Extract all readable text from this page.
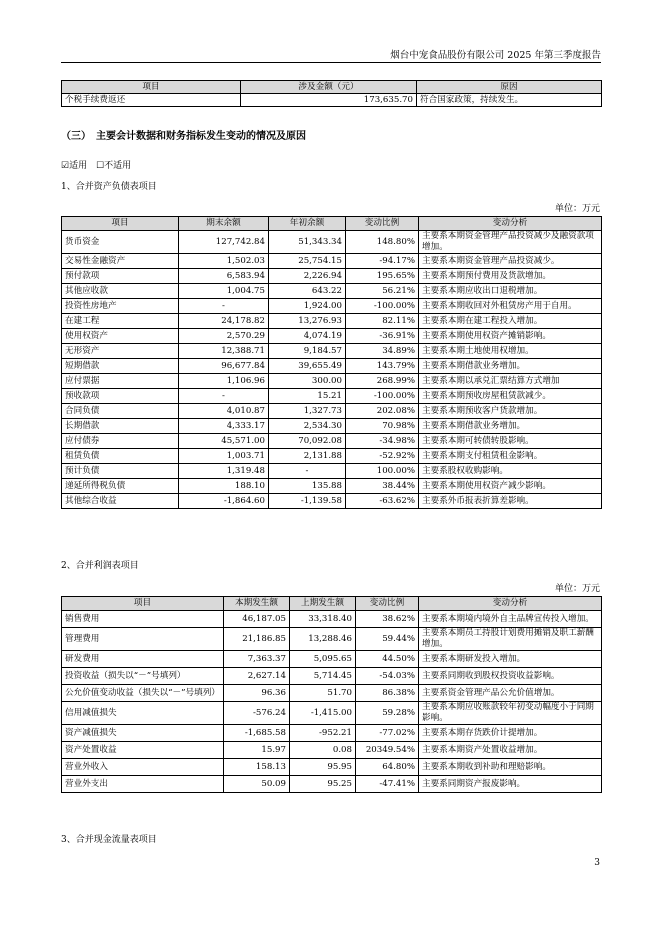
烟台中宠食品股份有限公司 2025 年第三季度报告
项目	涉及金额（元）	原因
个税手续费返还	173,635.70	符合国家政策，持续发生。
（三）　主要会计数据和财务指标发生变动的情况及原因
☑适用　☐不适用
1、合并资产负债表项目
单位：万元
项目	期末余额	年初余额	变动比例	变动分析
货币资金	127,742.84	51,343.34	148.80%	主要系本期资金管理产品投资减少及融资款项增加。
交易性金融资产	1,502.03	25,754.15	-94.17%	主要系本期资金管理产品投资减少。
预付款项	6,583.94	2,226.94	195.65%	主要系本期预付费用及货款增加。
其他应收款	1,004.75	643.22	56.21%	主要系本期应收出口退税增加。
投资性房地产	-	1,924.00	-100.00%	主要系本期收回对外租赁房产用于自用。
在建工程	24,178.82	13,276.93	82.11%	主要系本期在建工程投入增加。
使用权资产	2,570.29	4,074.19	-36.91%	主要系本期使用权资产摊销影响。
无形资产	12,388.71	9,184.57	34.89%	主要系本期土地使用权增加。
短期借款	96,677.84	39,655.49	143.79%	主要系本期借款业务增加。
应付票据	1,106.96	300.00	268.99%	主要系本期以承兑汇票结算方式增加
预收款项	-	15.21	-100.00%	主要系本期预收房屋租赁款减少。
合同负债	4,010.87	1,327.73	202.08%	主要系本期预收客户货款增加。
长期借款	4,333.17	2,534.30	70.98%	主要系本期借款业务增加。
应付债券	45,571.00	70,092.08	-34.98%	主要系本期可转债转股影响。
租赁负债	1,003.71	2,131.88	-52.92%	主要系本期支付租赁租金影响。
预计负债	1,319.48	-	100.00%	主要系股权收购影响。
递延所得税负债	188.10	135.88	38.44%	主要系本期使用权资产减少影响。
其他综合收益	-1,864.60	-1,139.58	-63.62%	主要系外币报表折算差影响。
2、合并利润表项目
单位：万元
项目	本期发生额	上期发生额	变动比例	变动分析
销售费用	46,187.05	33,318.40	38.62%	主要系本期境内境外自主品牌宣传投入增加。
管理费用	21,186.85	13,288.46	59.44%	主要系本期员工持股计划费用摊销及职工薪酬增加。
研发费用	7,363.37	5,095.65	44.50%	主要系本期研发投入增加。
投资收益（损失以“－”号填列）	2,627.14	5,714.45	-54.03%	主要系同期收到股权投资收益影响。
公允价值变动收益（损失以“－”号填列）	96.36	51.70	86.38%	主要系资金管理产品公允价值增加。
信用减值损失	-576.24	-1,415.00	59.28%	主要系本期应收账款较年初变动幅度小于同期影响。
资产减值损失	-1,685.58	-952.21	-77.02%	主要系本期存货跌价计提增加。
资产处置收益	15.97	0.08	20349.54%	主要系本期资产处置收益增加。
营业外收入	158.13	95.95	64.80%	主要系本期收到补助和理赔影响。
营业外支出	50.09	95.25	-47.41%	主要系同期资产报废影响。
3、合并现金流量表项目
3
